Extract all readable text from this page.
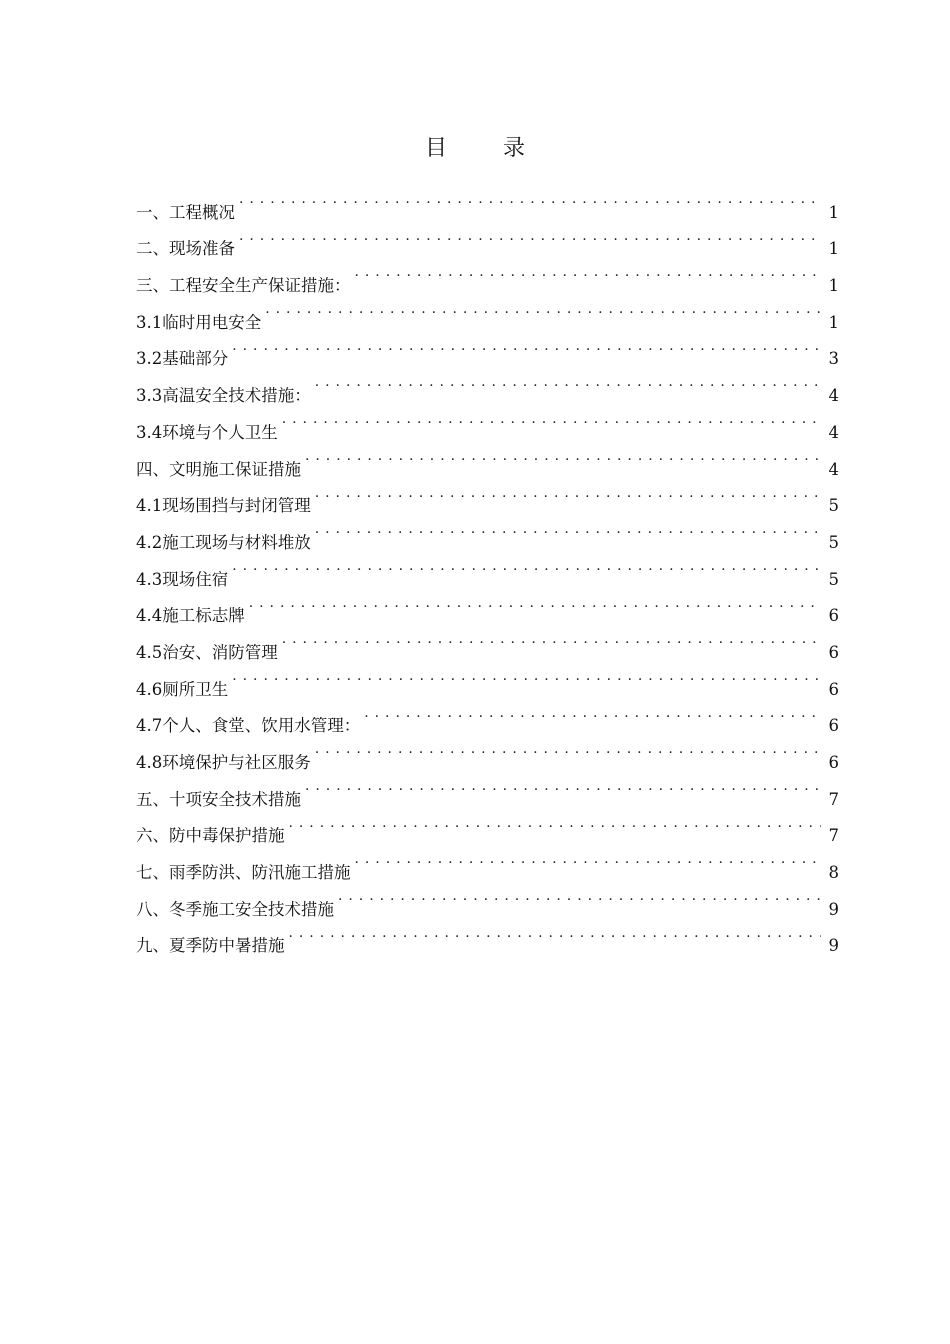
目	录
一、工程概况 . . .	1
二、现场准备 . . .	1
三、工程安全生产保证措施： . . .	1
3.1临时用电安全 . . .	1
3.2基础部分 . . .	3
3.3高温安全技术措施： . . .	4
3.4环境与个人卫生 . . .	4
四、文明施工保证措施 . . .	4
4.1现场围挡与封闭管理 . . .	5
4.2施工现场与材料堆放 . . .	5
4.3现场住宿 . . .	5
4.4施工标志牌 . . .	6
4.5治安、消防管理 . . .	6
4.6厕所卫生 . . .	6
4.7个人、食堂、饮用水管理： . . .	6
4.8环境保护与社区服务 . . .	6
五、十项安全技术措施 . . .	7
六、防中毒保护措施 . . .	7
七、雨季防洪、防汛施工措施 . . .	8
八、冬季施工安全技术措施 . . .	9
九、夏季防中暑措施 . . .	9
